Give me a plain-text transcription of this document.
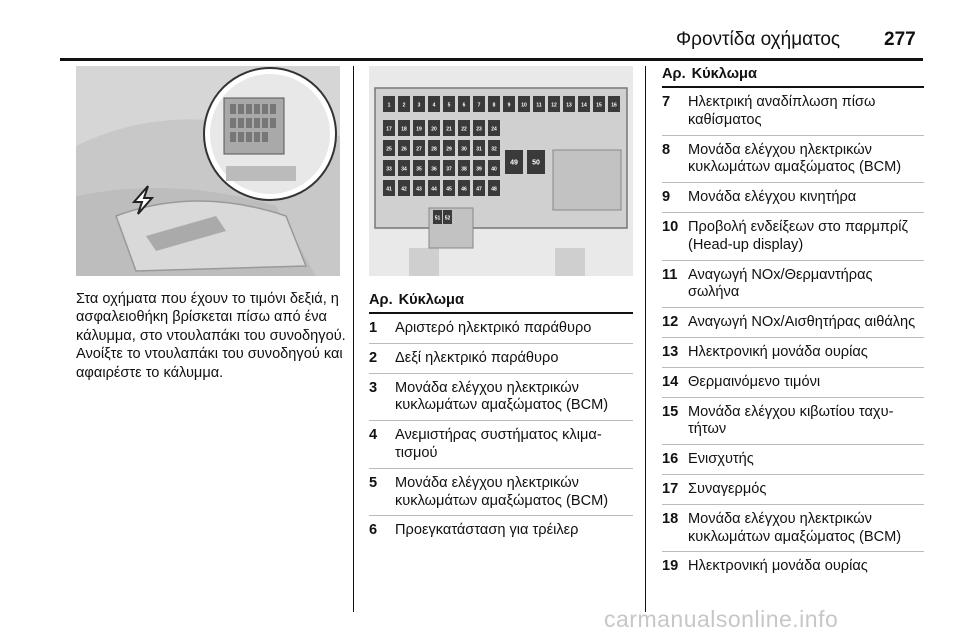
Φροντίδα οχήματος 277

Στα οχήματα που έχουν το τιμόνι δεξιά, η ασφαλειοθήκη βρίσκεται πίσω από ένα κάλυμμα, στο ντουλαπάκι του συνοδηγού. Ανοίξτε το ντουλαπάκι του συνοδηγού και αφαιρέστε το κάλυμμα.

1 2 3 4 5 6 7 8 9 10 11 12 13 14 15 16
17 18 19 20 21 22 23 24
25 26 27 28 29 30 31 32
33 34 35 36 37 38 39 40
41 42 43 44 45 46 47 48
49 50
51 52
Αρ. Κύκλωμα
1	Αριστερό ηλεκτρικό παράθυρο
2	Δεξί ηλεκτρικό παράθυρο
3	Μονάδα ελέγχου ηλεκτρικών κυκλωμάτων αμαξώματος (BCM)
4	Ανεμιστήρας συστήματος κλιματισμού
5	Μονάδα ελέγχου ηλεκτρικών κυκλωμάτων αμαξώματος (BCM)
6	Προεγκατάσταση για τρέιλερ
Αρ. Κύκλωμα
7	Ηλεκτρική αναδίπλωση πίσω καθίσματος
8	Μονάδα ελέγχου ηλεκτρικών κυκλωμάτων αμαξώματος (BCM)
9	Μονάδα ελέγχου κινητήρα
10 Προβολή ενδείξεων στο παρμπρίζ (Head-up display)
11 Αναγωγή NOx/Θερμαντήρας σωλήνα
12 Αναγωγή NOx/Αισθητήρας αιθάλης
13 Ηλεκτρονική μονάδα ουρίας
14 Θερμαινόμενο τιμόνι
15 Μονάδα ελέγχου κιβωτίου ταχυτήτων
16 Ενισχυτής
17 Συναγερμός
18 Μονάδα ελέγχου ηλεκτρικών κυκλωμάτων αμαξώματος (BCM)
19 Ηλεκτρονική μονάδα ουρίας
carmanualsonline.info
